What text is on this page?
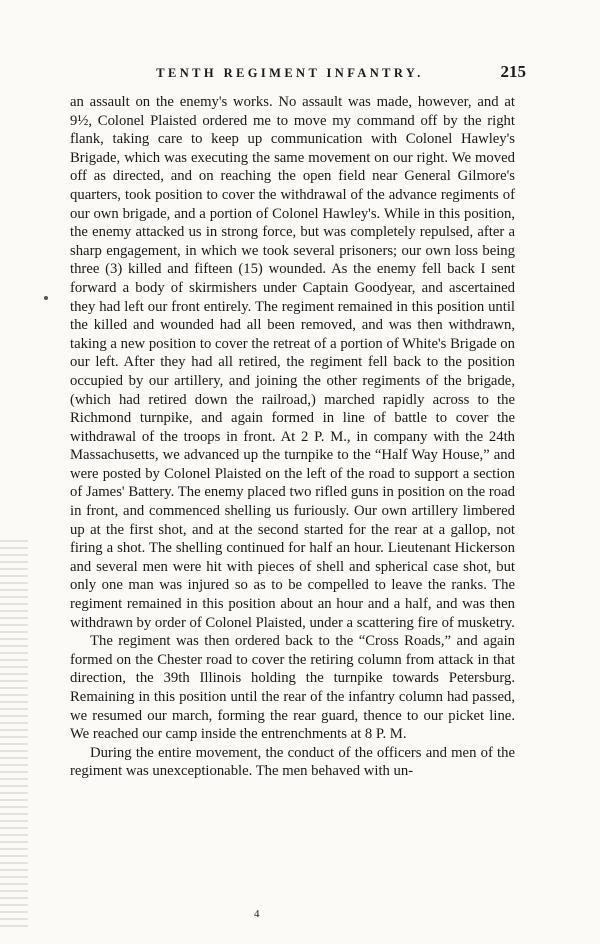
TENTH REGIMENT INFANTRY.	215

an assault on the enemy's works. No assault was made, however, and at 9½, Colonel Plaisted ordered me to move my command off by the right flank, taking care to keep up communication with Colonel Hawley's Brigade, which was executing the same movement on our right. We moved off as directed, and on reaching the open field near General Gilmore's quarters, took position to cover the withdrawal of the advance regiments of our own brigade, and a portion of Colonel Hawley's. While in this position, the enemy attacked us in strong force, but was completely repulsed, after a sharp engagement, in which we took several prisoners; our own loss being three (3) killed and fifteen (15) wounded. As the enemy fell back I sent forward a body of skirmishers under Captain Goodyear, and ascertained they had left our front entirely. The regiment remained in this position until the killed and wounded had all been removed, and was then withdrawn, taking a new position to cover the retreat of a portion of White's Brigade on our left. After they had all retired, the regiment fell back to the position occupied by our artillery, and joining the other regiments of the brigade, (which had retired down the railroad,) marched rapidly across to the Richmond turnpike, and again formed in line of battle to cover the withdrawal of the troops in front. At 2 P. M., in company with the 24th Massachusetts, we advanced up the turnpike to the “Half Way House,” and were posted by Colonel Plaisted on the left of the road to support a section of James' Battery. The enemy placed two rifled guns in position on the road in front, and commenced shelling us furiously. Our own artillery limbered up at the first shot, and at the second started for the rear at a gallop, not firing a shot. The shelling continued for half an hour. Lieutenant Hickerson and several men were hit with pieces of shell and spherical case shot, but only one man was injured so as to be compelled to leave the ranks. The regiment remained in this position about an hour and a half, and was then withdrawn by order of Colonel Plaisted, under a scattering fire of musketry.

The regiment was then ordered back to the “Cross Roads,” and again formed on the Chester road to cover the retiring column from attack in that direction, the 39th Illinois holding the turnpike towards Petersburg. Remaining in this position until the rear of the infantry column had passed, we resumed our march, forming the rear guard, thence to our picket line. We reached our camp inside the entrenchments at 8 P. M.

During the entire movement, the conduct of the officers and men of the regiment was unexceptionable. The men behaved with un-

4
